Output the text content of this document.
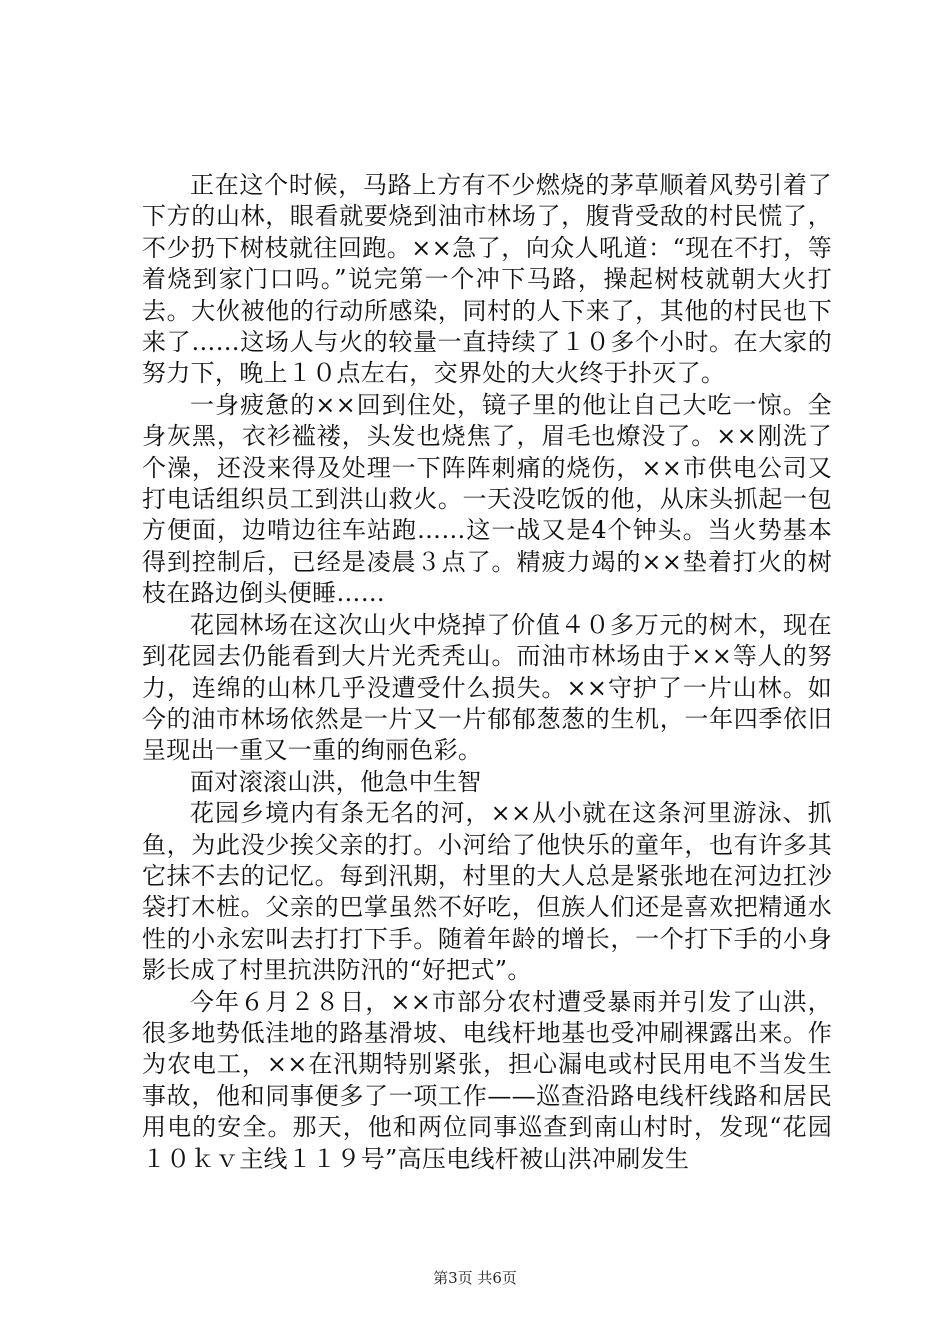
正在这个时候，马路上方有不少燃烧的茅草顺着风势引着了下方的山林，眼看就要烧到油市林场了，腹背受敌的村民慌了，不少扔下树枝就往回跑。××急了，向众人吼道：“现在不打，等着烧到家门口吗。”说完第一个冲下马路，操起树枝就朝大火打去。大伙被他的行动所感染，同村的人下来了，其他的村民也下来了……这场人与火的较量一直持续了１０多个小时。在大家的努力下，晚上１０点左右，交界处的大火终于扑灭了。

一身疲惫的××回到住处，镜子里的他让自己大吃一惊。全身灰黑，衣衫褴褛，头发也烧焦了，眉毛也燎没了。××刚洗了个澡，还没来得及处理一下阵阵刺痛的烧伤，××市供电公司又打电话组织员工到洪山救火。一天没吃饭的他，从床头抓起一包方便面，边啃边往车站跑……这一战又是4个钟头。当火势基本得到控制后，已经是凌晨３点了。精疲力竭的××垫着打火的树枝在路边倒头便睡……

花园林场在这次山火中烧掉了价值４０多万元的树木，现在到花园去仍能看到大片光秃秃山。而油市林场由于××等人的努力，连绵的山林几乎没遭受什么损失。××守护了一片山林。如今的油市林场依然是一片又一片郁郁葱葱的生机，一年四季依旧呈现出一重又一重的绚丽色彩。

面对滚滚山洪，他急中生智

花园乡境内有条无名的河，××从小就在这条河里游泳、抓鱼，为此没少挨父亲的打。小河给了他快乐的童年，也有许多其它抹不去的记忆。每到汛期，村里的大人总是紧张地在河边扛沙袋打木桩。父亲的巴掌虽然不好吃，但族人们还是喜欢把精通水性的小永宏叫去打打下手。随着年龄的增长，一个打下手的小身影长成了村里抗洪防汛的“好把式”。

今年６月２８日，××市部分农村遭受暴雨并引发了山洪，很多地势低洼地的路基滑坡、电线杆地基也受冲刷裸露出来。作为农电工，××在汛期特别紧张，担心漏电或村民用电不当发生事故，他和同事便多了一项工作——巡查沿路电线杆线路和居民用电的安全。那天，他和两位同事巡查到南山村时，发现“花园１０ｋｖ主线１１９号”高压电线杆被山洪冲刷发生

第3页 共6页
